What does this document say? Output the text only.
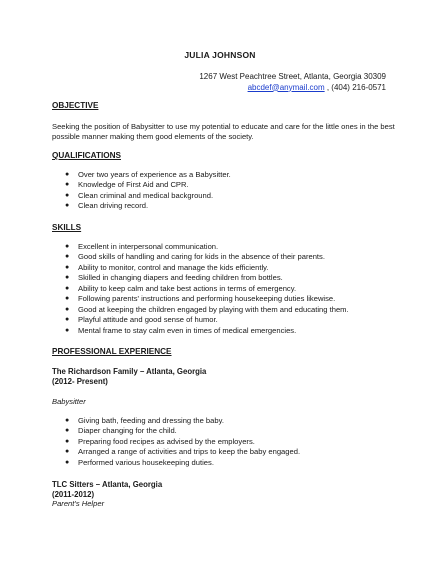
JULIA JOHNSON
1267 West Peachtree Street, Atlanta, Georgia 30309
abcdef@anymail.com , (404) 216-0571
OBJECTIVE
Seeking the position of Babysitter to use my potential to educate and care for the little ones in the best
possible manner making them good elements of the society.
QUALIFICATIONS
● Over two years of experience as a Babysitter.
● Knowledge of First Aid and CPR.
● Clean criminal and medical background.
● Clean driving record.
SKILLS
● Excellent in interpersonal communication.
● Good skills of handling and caring for kids in the absence of their parents.
● Ability to monitor, control and manage the kids efficiently.
● Skilled in changing diapers and feeding children from bottles.
● Ability to keep calm and take best actions in terms of emergency.
● Following parents' instructions and performing housekeeping duties likewise.
● Good at keeping the children engaged by playing with them and educating them.
● Playful attitude and good sense of humor.
● Mental frame to stay calm even in times of medical emergencies.
PROFESSIONAL EXPERIENCE
The Richardson Family – Atlanta, Georgia
(2012- Present)
Babysitter
● Giving bath, feeding and dressing the baby.
● Diaper changing for the child.
● Preparing food recipes as advised by the employers.
● Arranged a range of activities and trips to keep the baby engaged.
● Performed various housekeeping duties.
TLC Sitters – Atlanta, Georgia
(2011-2012)
Parent's Helper
